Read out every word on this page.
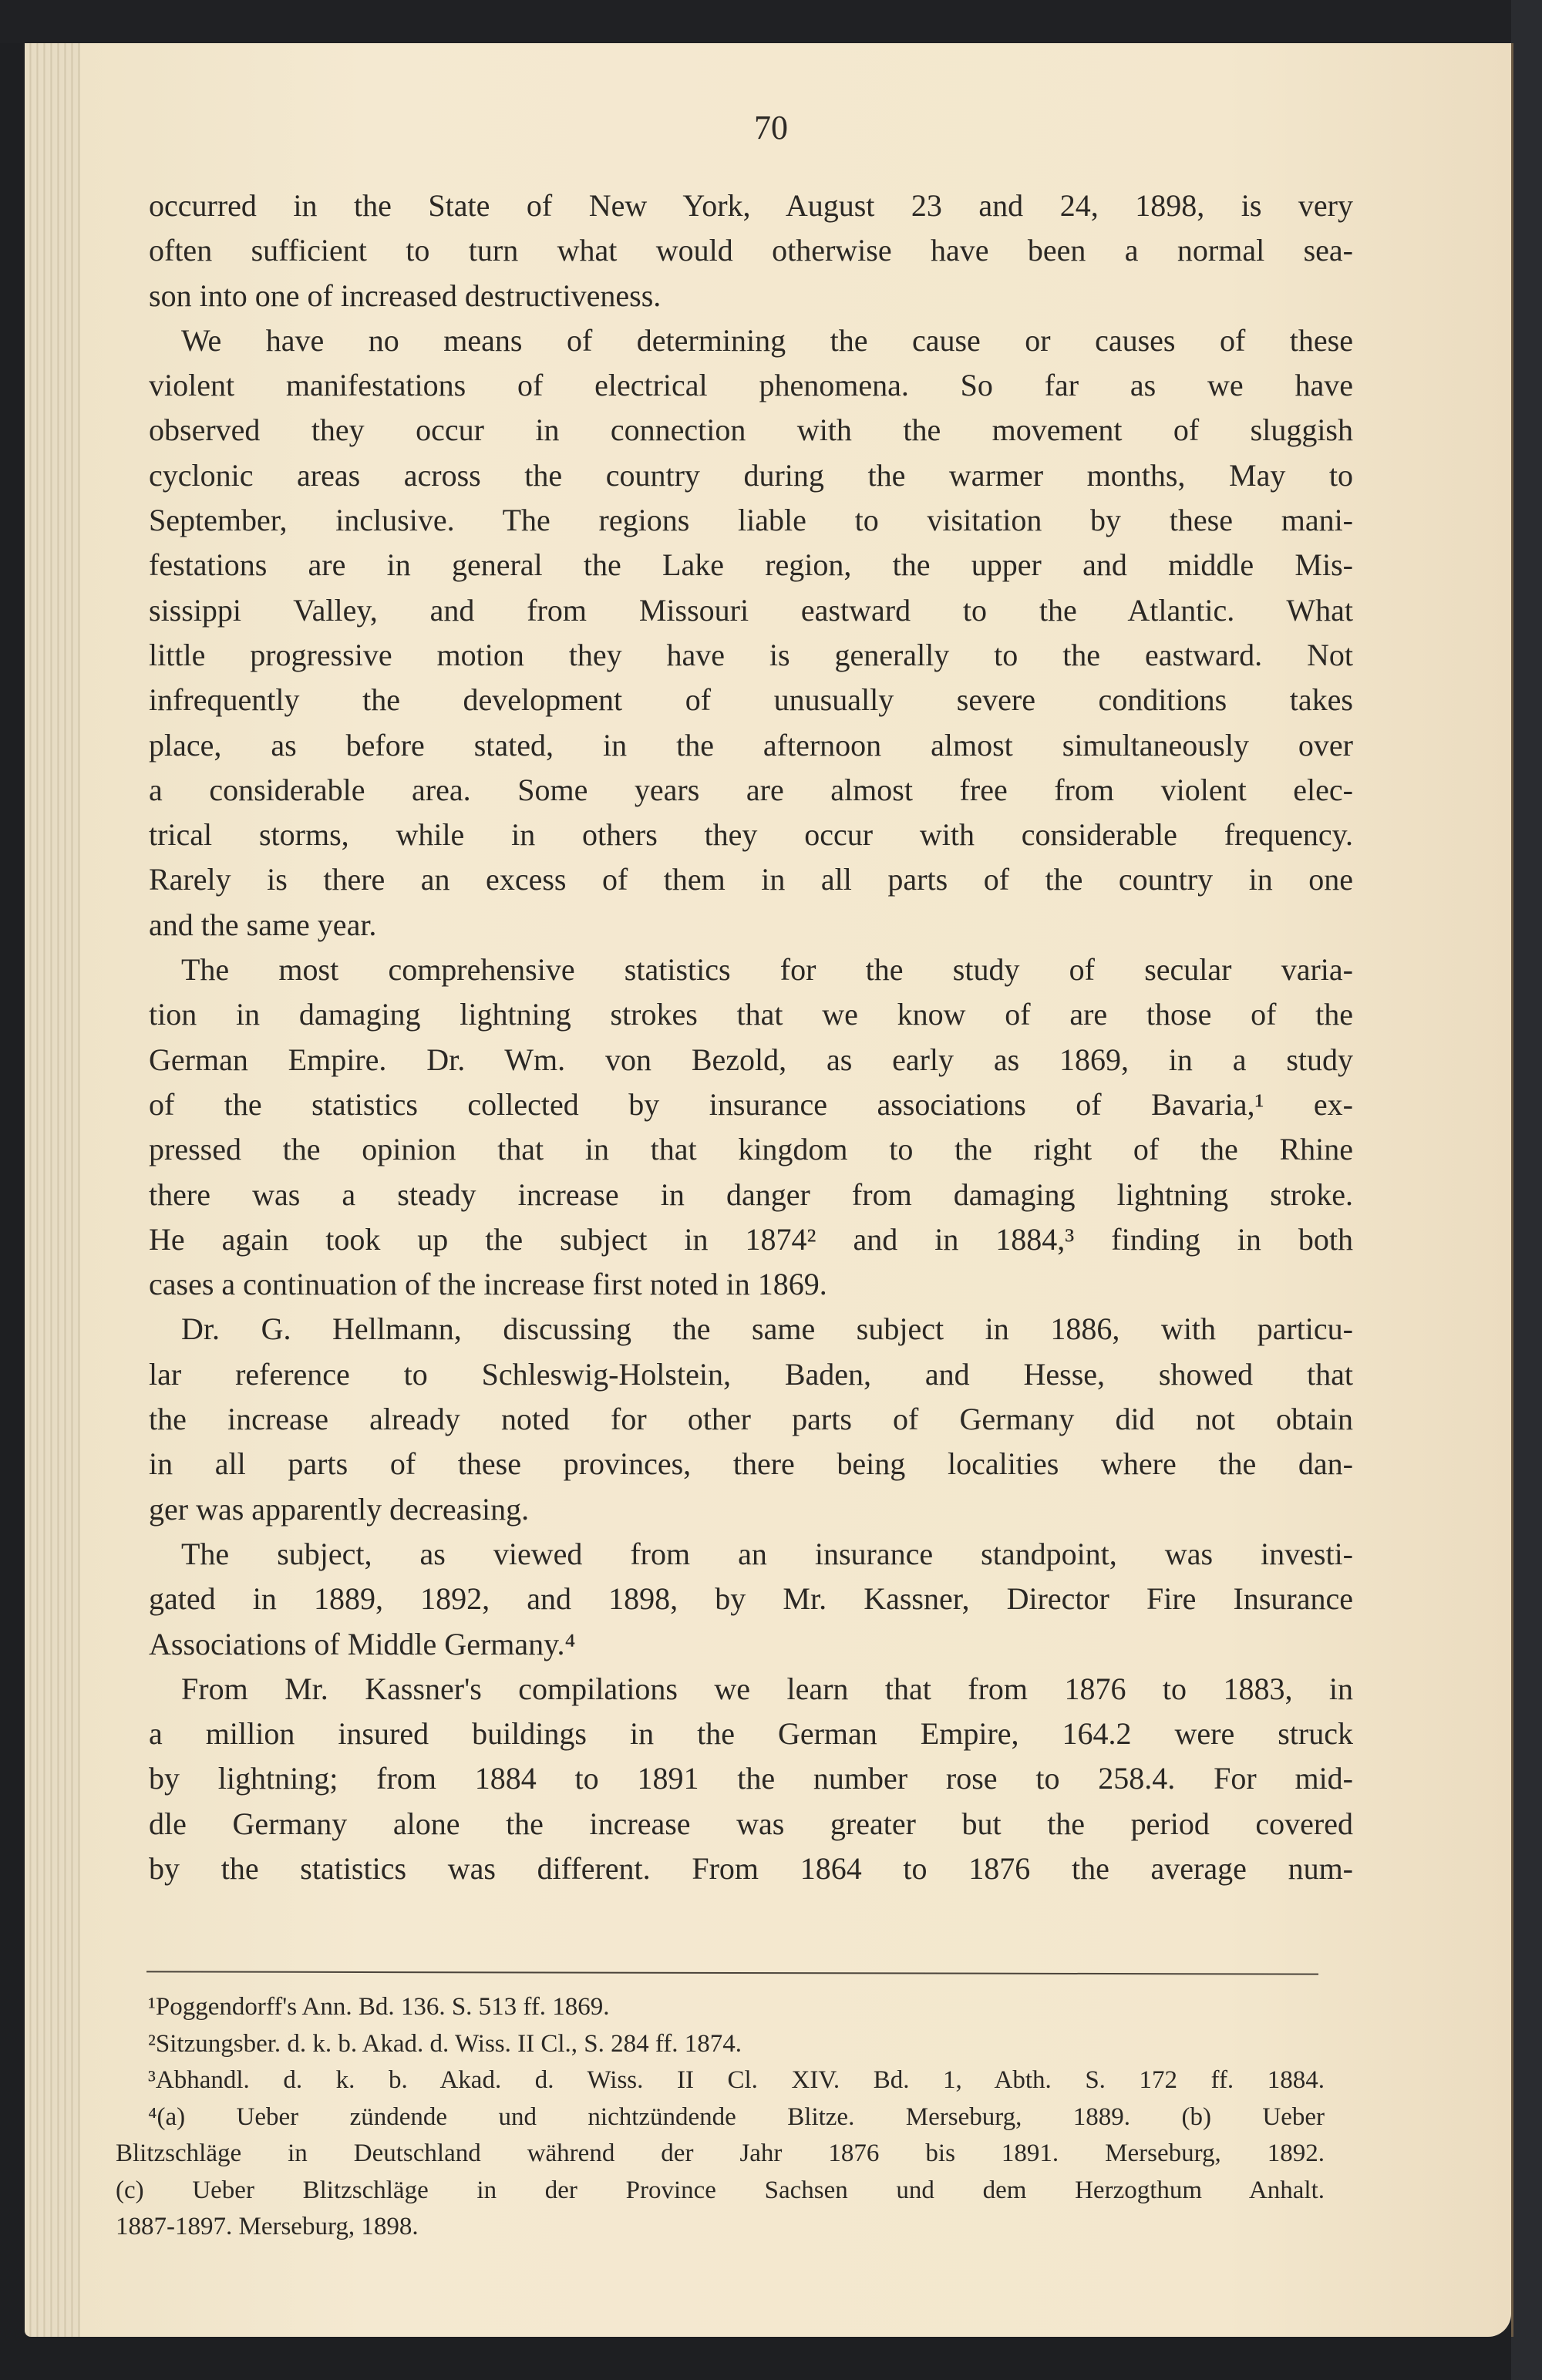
70
occurred in the State of New York, August 23 and 24, 1898, is very
often sufficient to turn what would otherwise have been a normal sea-
son into one of increased destructiveness.
We have no means of determining the cause or causes of these
violent manifestations of electrical phenomena. So far as we have
observed they occur in connection with the movement of sluggish
cyclonic areas across the country during the warmer months, May to
September, inclusive. The regions liable to visitation by these mani-
festations are in general the Lake region, the upper and middle Mis-
sissippi Valley, and from Missouri eastward to the Atlantic. What
little progressive motion they have is generally to the eastward. Not
infrequently the development of unusually severe conditions takes
place, as before stated, in the afternoon almost simultaneously over
a considerable area. Some years are almost free from violent elec-
trical storms, while in others they occur with considerable frequency.
Rarely is there an excess of them in all parts of the country in one
and the same year.
The most comprehensive statistics for the study of secular varia-
tion in damaging lightning strokes that we know of are those of the
German Empire. Dr. Wm. von Bezold, as early as 1869, in a study
of the statistics collected by insurance associations of Bavaria,¹ ex-
pressed the opinion that in that kingdom to the right of the Rhine
there was a steady increase in danger from damaging lightning stroke.
He again took up the subject in 1874² and in 1884,³ finding in both
cases a continuation of the increase first noted in 1869.
Dr. G. Hellmann, discussing the same subject in 1886, with particu-
lar reference to Schleswig-Holstein, Baden, and Hesse, showed that
the increase already noted for other parts of Germany did not obtain
in all parts of these provinces, there being localities where the dan-
ger was apparently decreasing.
The subject, as viewed from an insurance standpoint, was investi-
gated in 1889, 1892, and 1898, by Mr. Kassner, Director Fire Insurance
Associations of Middle Germany.⁴
From Mr. Kassner's compilations we learn that from 1876 to 1883, in
a million insured buildings in the German Empire, 164.2 were struck
by lightning; from 1884 to 1891 the number rose to 258.4. For mid-
dle Germany alone the increase was greater but the period covered
by the statistics was different. From 1864 to 1876 the average num-
¹Poggendorff's Ann. Bd. 136. S. 513 ff. 1869.
²Sitzungsber. d. k. b. Akad. d. Wiss. II Cl., S. 284 ff. 1874.
³Abhandl. d. k. b. Akad. d. Wiss. II Cl. XIV. Bd. 1, Abth. S. 172 ff. 1884.
⁴(a) Ueber zündende und nichtzündende Blitze. Merseburg, 1889. (b) Ueber
Blitzschläge in Deutschland während der Jahr 1876 bis 1891. Merseburg, 1892.
(c) Ueber Blitzschläge in der Province Sachsen und dem Herzogthum Anhalt.
1887-1897. Merseburg, 1898.
